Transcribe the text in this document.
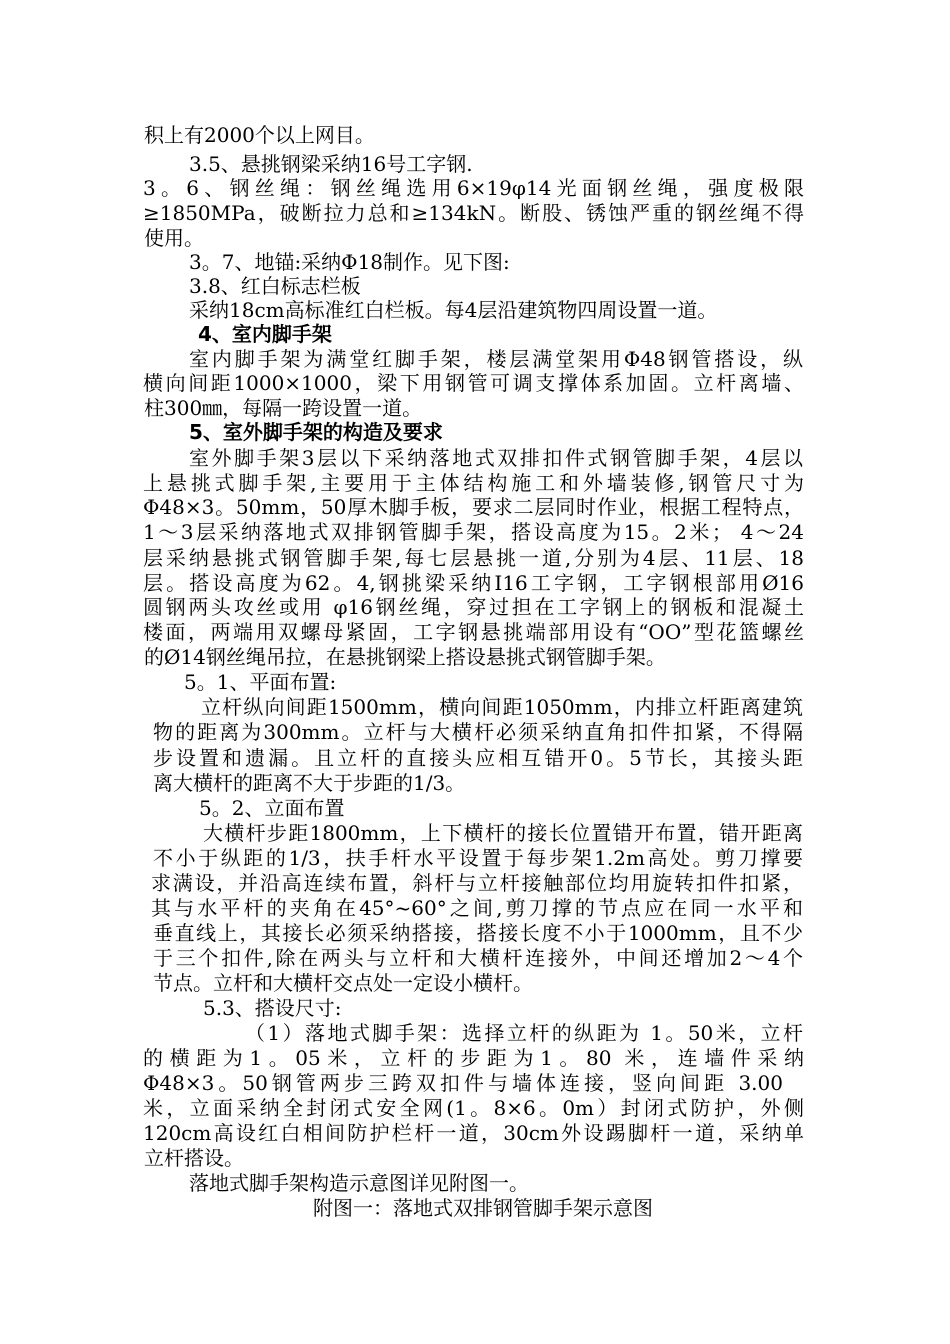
积上有2000个以上网目。
3.5、悬挑钢梁采纳16号工字钢.
3。6、钢丝绳：钢丝绳选用6×19φ14光面钢丝绳，强度极限
≥1850MPa，破断拉力总和≥134kN。断股、锈蚀严重的钢丝绳不得
使用。
3。7、地锚:采纳Φ18制作。见下图:
3.8、红白标志栏板
采纳18cm高标准红白栏板。每4层沿建筑物四周设置一道。
4、室内脚手架
室内脚手架为满堂红脚手架，楼层满堂架用Φ48钢管搭设，纵
横向间距1000×1000，梁下用钢管可调支撑体系加固。立杆离墙、
柱300㎜，每隔一跨设置一道。
5、室外脚手架的构造及要求
室外脚手架3层以下采纳落地式双排扣件式钢管脚手架，4层以
上悬挑式脚手架,主要用于主体结构施工和外墙装修,钢管尺寸为
Φ48×3。50mm，50厚木脚手板，要求二层同时作业，根据工程特点，
1～3层采纳落地式双排钢管脚手架，搭设高度为15。2米； 4～24
层采纳悬挑式钢管脚手架,每七层悬挑一道,分别为4层、11层、18
层。搭设高度为62。4,钢挑梁采纳I16工字钢，工字钢根部用Ø16
圆钢两头攻丝或用 φ16钢丝绳，穿过担在工字钢上的钢板和混凝土
楼面，两端用双螺母紧固，工字钢悬挑端部用设有“OO”型花篮螺丝
的Ø14钢丝绳吊拉，在悬挑钢梁上搭设悬挑式钢管脚手架。
5。1、平面布置:
立杆纵向间距1500mm，横向间距1050mm，内排立杆距离建筑
物的距离为300mm。立杆与大横杆必须采纳直角扣件扣紧，不得隔
步设置和遗漏。且立杆的直接头应相互错开0。5节长，其接头距
离大横杆的距离不大于步距的1/3。
5。2、立面布置
大横杆步距1800mm，上下横杆的接长位置错开布置，错开距离
不小于纵距的1/3，扶手杆水平设置于每步架1.2m高处。剪刀撑要
求满设，并沿高连续布置，斜杆与立杆接触部位均用旋转扣件扣紧，
其与水平杆的夹角在45°~60°之间,剪刀撑的节点应在同一水平和
垂直线上，其接长必须采纳搭接，搭接长度不小于1000mm，且不少
于三个扣件,除在两头与立杆和大横杆连接外，中间还增加2～4个
节点。立杆和大横杆交点处一定设小横杆。
5.3、搭设尺寸:
（1）落地式脚手架：选择立杆的纵距为 1。50米，立杆
的横距为1。05米，立杆的步距为1。80 米，连墙件采纳
Φ48×3。50钢管两步三跨双扣件与墙体连接，竖向间距 3.00
米，立面采纳全封闭式安全网(1。8×6。0m）封闭式防护，外侧
120cm高设红白相间防护栏杆一道，30cm外设踢脚杆一道，采纳单
立杆搭设。
落地式脚手架构造示意图详见附图一。
附图一：落地式双排钢管脚手架示意图
